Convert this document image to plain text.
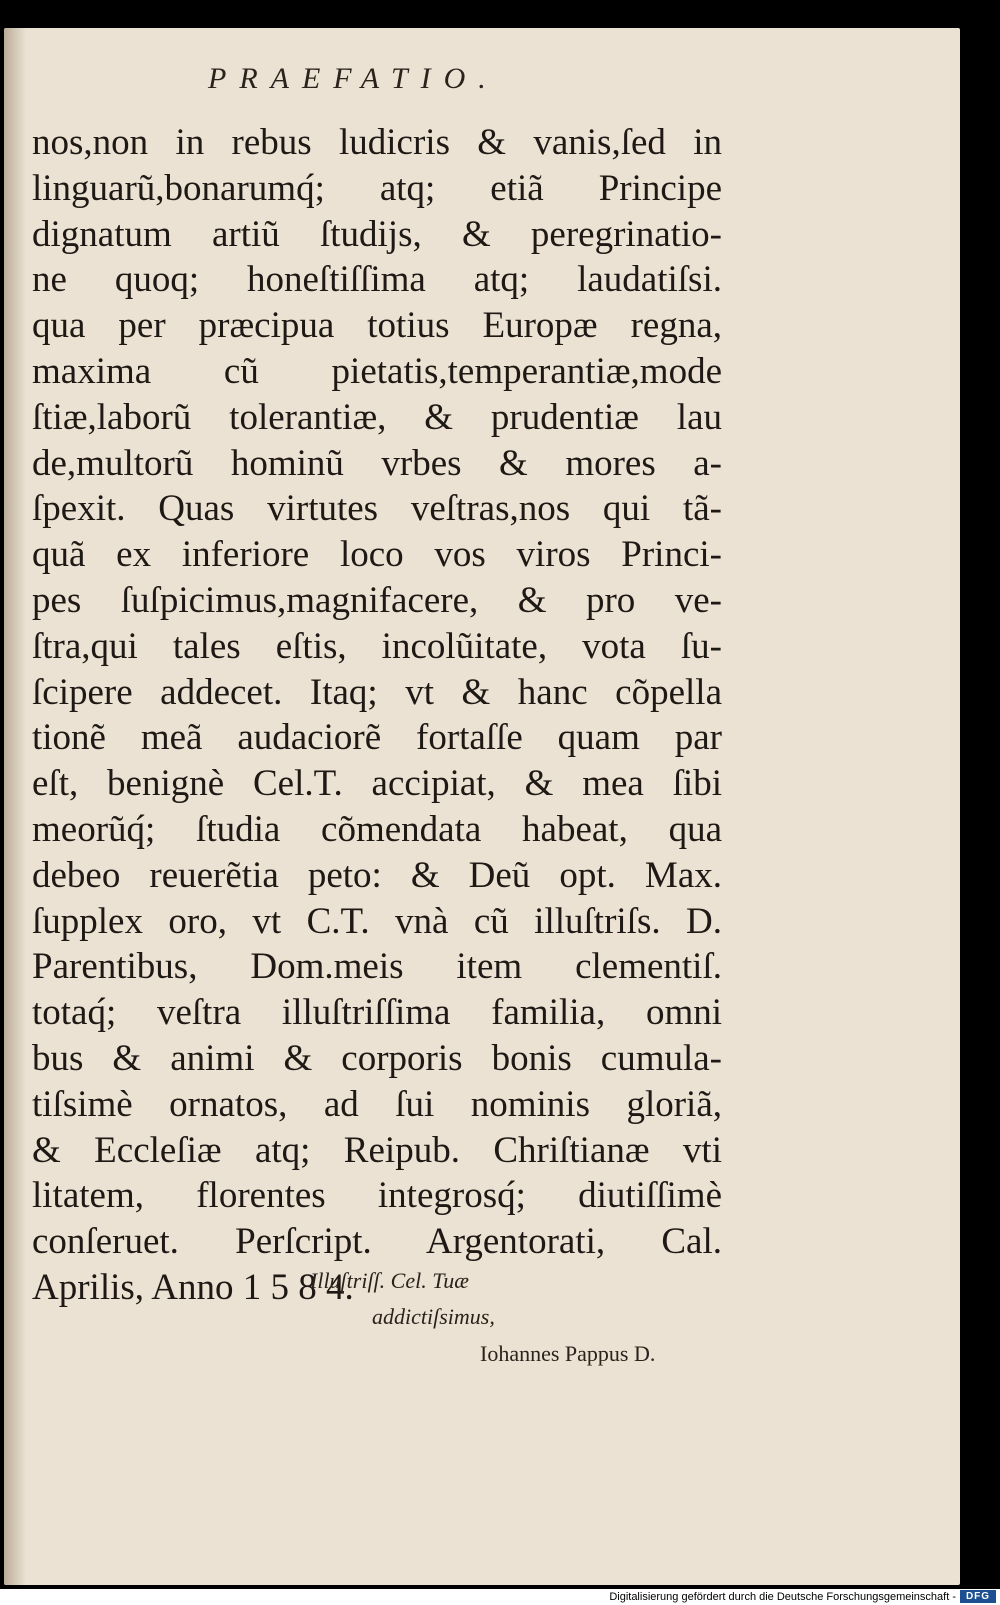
PRAEFATIO.

nos,non in rebus ludicris & vanis,ſed in
linguarũ,bonarumq́; atq; etiã Principe
dignatum artiũ ſtudijs, & peregrinatio-
ne quoq; honeſtiſſima atq; laudatiſsi.
qua per præcipua totius Europæ regna,
maxima cũ pietatis,temperantiæ,mode
ſtiæ,laborũ tolerantiæ, & prudentiæ lau
de,multorũ hominũ vrbes & mores a-
ſpexit. Quas virtutes veſtras,nos qui tã-
quã ex inferiore loco vos viros Princi-
pes ſuſpicimus,magnifacere, & pro ve-
ſtra,qui tales eſtis, incolũitate, vota ſu-
ſcipere addecet. Itaq; vt & hanc cõpella
tionẽ meã audaciorẽ fortaſſe quam par
eſt, benignè Cel.T. accipiat, & mea ſibi
meorũq́; ſtudia cõmendata habeat, qua
debeo reuerẽtia peto: & Deũ opt. Max.
ſupplex oro, vt C.T. vnà cũ illuſtriſs. D.
Parentibus, Dom.meis item clementiſ.
totaq́; veſtra illuſtriſſima familia, omni
bus & animi & corporis bonis cumula-
tiſsimè ornatos, ad ſui nominis gloriã,
& Eccleſiæ atq; Reipub. Chriſtianæ vti
litatem, florentes integrosq́; diutiſſimè
conſeruet. Perſcript. Argentorati, Cal.
Aprilis, Anno 1 5 8 4.

Illuſtriſſ. Cel. Tuæ

addictiſsimus,

Iohannes Pappus D.

Digitalisierung gefördert durch die Deutsche Forschungsgemeinschaft - DFG
